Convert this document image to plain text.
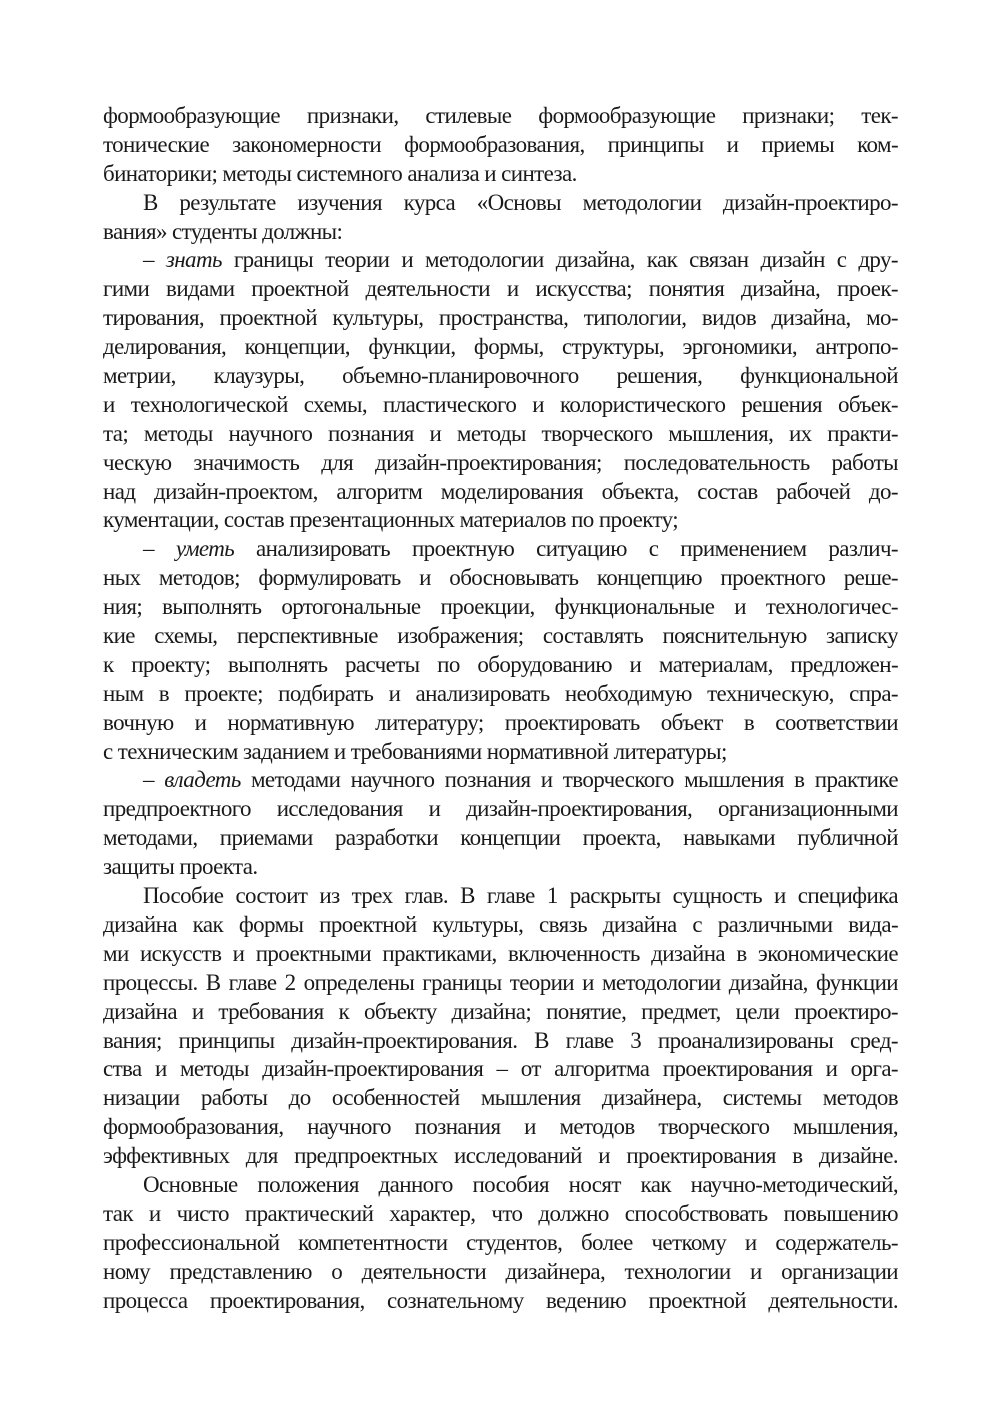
формообразующие признаки, стилевые формообразующие признаки; тек-
тонические закономерности формообразования, принципы и приемы ком-
бинаторики; методы системного анализа и синтеза.
В результате изучения курса «Основы методологии дизайн-проектиро-
вания» студенты должны:
– знать границы теории и методологии дизайна, как связан дизайн с дру-
гими видами проектной деятельности и искусства; понятия дизайна, проек-
тирования, проектной культуры, пространства, типологии, видов дизайна, мо-
делирования, концепции, функции, формы, структуры, эргономики, антропо-
метрии, клаузуры, объемно-планировочного решения, функциональной
и технологической схемы, пластического и колористического решения объек-
та; методы научного познания и методы творческого мышления, их практи-
ческую значимость для дизайн-проектирования; последовательность работы
над дизайн-проектом, алгоритм моделирования объекта, состав рабочей до-
кументации, состав презентационных материалов по проекту;
– уметь анализировать проектную ситуацию с применением различ-
ных методов; формулировать и обосновывать концепцию проектного реше-
ния; выполнять ортогональные проекции, функциональные и технологичес-
кие схемы, перспективные изображения; составлять пояснительную записку
к проекту; выполнять расчеты по оборудованию и материалам, предложен-
ным в проекте; подбирать и анализировать необходимую техническую, спра-
вочную и нормативную литературу; проектировать объект в соответствии
с техническим заданием и требованиями нормативной литературы;
– владеть методами научного познания и творческого мышления в практике
предпроектного исследования и дизайн-проектирования, организационными
методами, приемами разработки концепции проекта, навыками публичной
защиты проекта.
Пособие состоит из трех глав. В главе 1 раскрыты сущность и специфика
дизайна как формы проектной культуры, связь дизайна с различными вида-
ми искусств и проектными практиками, включенность дизайна в экономические
процессы. В главе 2 определены границы теории и методологии дизайна, функции
дизайна и требования к объекту дизайна; понятие, предмет, цели проектиро-
вания; принципы дизайн-проектирования. В главе 3 проанализированы сред-
ства и методы дизайн-проектирования – от алгоритма проектирования и орга-
низации работы до особенностей мышления дизайнера, системы методов
формообразования, научного познания и методов творческого мышления,
эффективных для предпроектных исследований и проектирования в дизайне.
Основные положения данного пособия носят как научно-методический,
так и чисто практический характер, что должно способствовать повышению
профессиональной компетентности студентов, более четкому и содержатель-
ному представлению о деятельности дизайнера, технологии и организации
процесса проектирования, сознательному ведению проектной деятельности.
